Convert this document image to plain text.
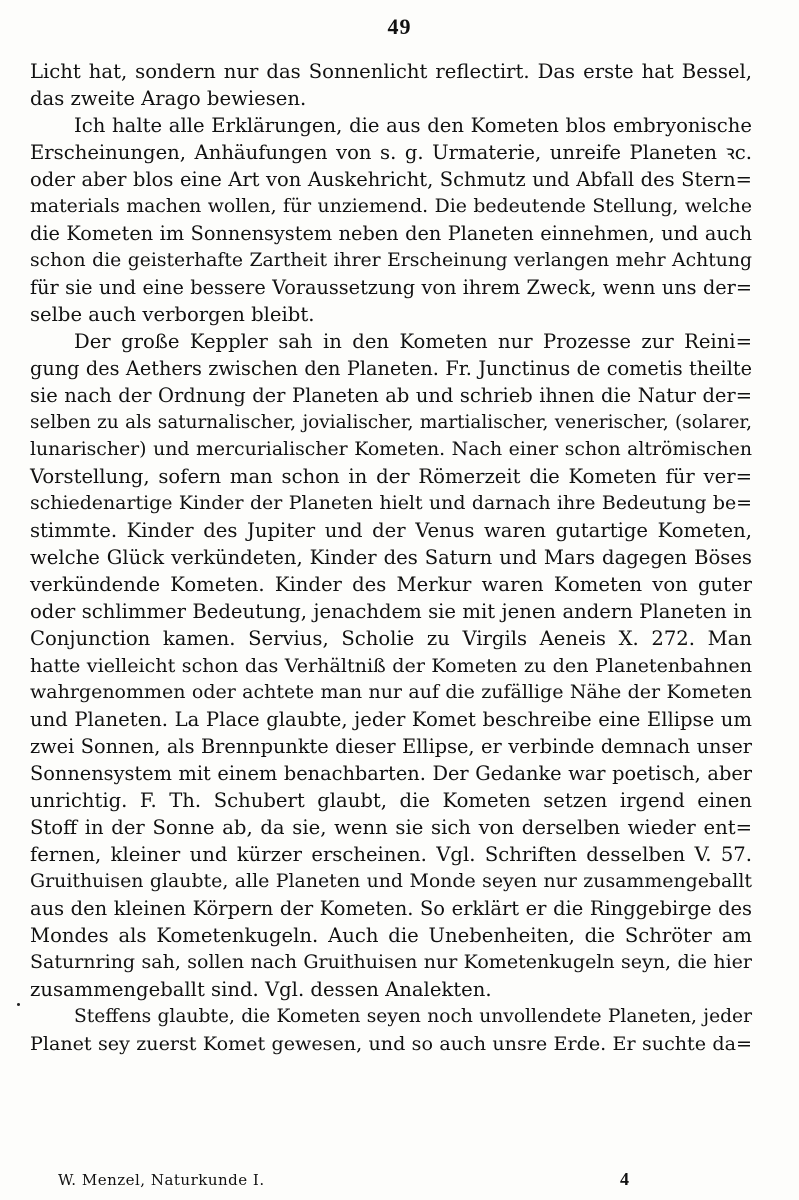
49
Licht hat, sondern nur das Sonnenlicht reflectirt. Das erste hat Bessel,
das zweite Arago bewiesen.
Ich halte alle Erklärungen, die aus den Kometen blos embryonische
Erscheinungen, Anhäufungen von s. g. Urmaterie, unreife Planeten ꝛc.
oder aber blos eine Art von Auskehricht, Schmutz und Abfall des Stern=
materials machen wollen, für unziemend. Die bedeutende Stellung, welche
die Kometen im Sonnensystem neben den Planeten einnehmen, und auch
schon die geisterhafte Zartheit ihrer Erscheinung verlangen mehr Achtung
für sie und eine bessere Voraussetzung von ihrem Zweck, wenn uns der=
selbe auch verborgen bleibt.
Der große Keppler sah in den Kometen nur Prozesse zur Reini=
gung des Aethers zwischen den Planeten. Fr. Junctinus de cometis theilte
sie nach der Ordnung der Planeten ab und schrieb ihnen die Natur der=
selben zu als saturnalischer, jovialischer, martialischer, venerischer, (solarer,
lunarischer) und mercurialischer Kometen. Nach einer schon altrömischen
Vorstellung, sofern man schon in der Römerzeit die Kometen für ver=
schiedenartige Kinder der Planeten hielt und darnach ihre Bedeutung be=
stimmte. Kinder des Jupiter und der Venus waren gutartige Kometen,
welche Glück verkündeten, Kinder des Saturn und Mars dagegen Böses
verkündende Kometen. Kinder des Merkur waren Kometen von guter
oder schlimmer Bedeutung, jenachdem sie mit jenen andern Planeten in
Conjunction kamen. Servius, Scholie zu Virgils Aeneis X. 272. Man
hatte vielleicht schon das Verhältniß der Kometen zu den Planetenbahnen
wahrgenommen oder achtete man nur auf die zufällige Nähe der Kometen
und Planeten. La Place glaubte, jeder Komet beschreibe eine Ellipse um
zwei Sonnen, als Brennpunkte dieser Ellipse, er verbinde demnach unser
Sonnensystem mit einem benachbarten. Der Gedanke war poetisch, aber
unrichtig. F. Th. Schubert glaubt, die Kometen setzen irgend einen
Stoff in der Sonne ab, da sie, wenn sie sich von derselben wieder ent=
fernen, kleiner und kürzer erscheinen. Vgl. Schriften desselben V. 57.
Gruithuisen glaubte, alle Planeten und Monde seyen nur zusammengeballt
aus den kleinen Körpern der Kometen. So erklärt er die Ringgebirge des
Mondes als Kometenkugeln. Auch die Unebenheiten, die Schröter am
Saturnring sah, sollen nach Gruithuisen nur Kometenkugeln seyn, die hier
zusammengeballt sind. Vgl. dessen Analekten.
Steffens glaubte, die Kometen seyen noch unvollendete Planeten, jeder
Planet sey zuerst Komet gewesen, und so auch unsre Erde. Er suchte da=
W. Menzel, Naturkunde I.	4
